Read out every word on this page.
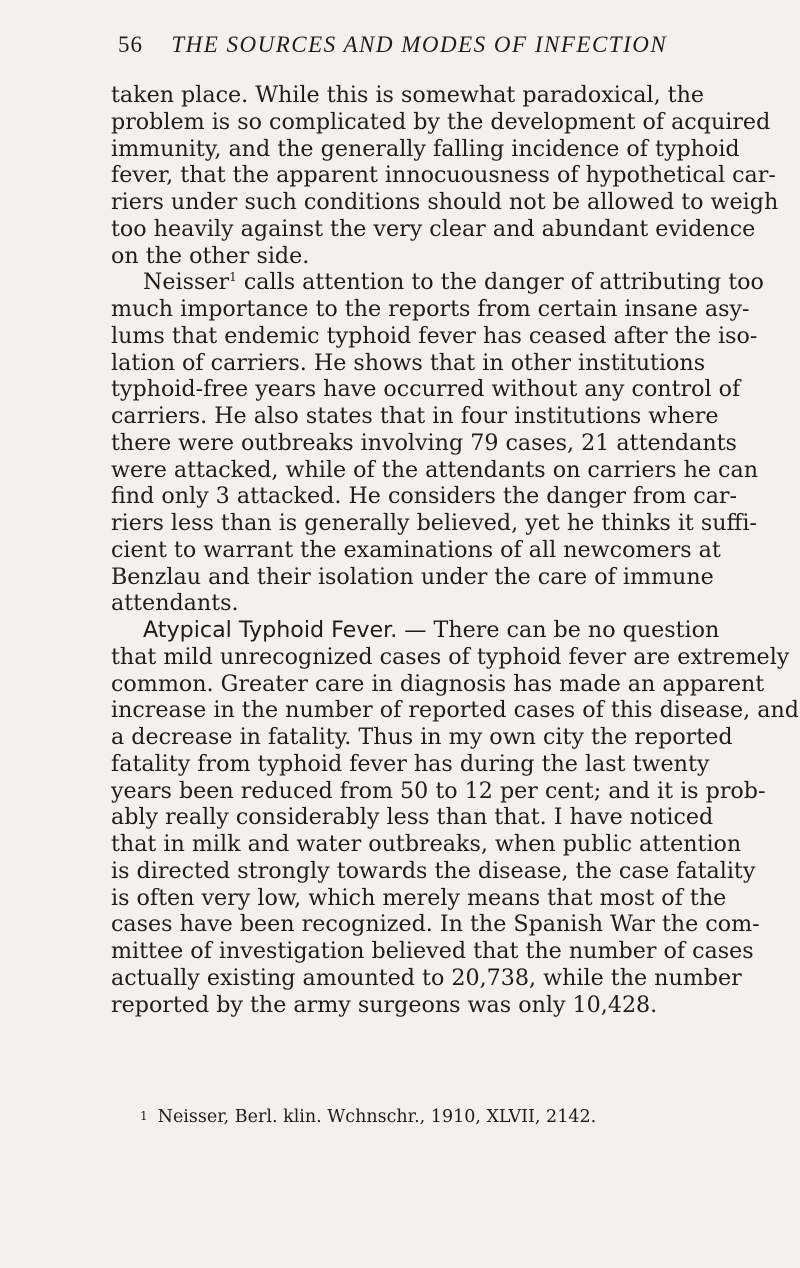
56 THE SOURCES AND MODES OF INFECTION
taken place. While this is somewhat paradoxical, the
problem is so complicated by the development of acquired
immunity, and the generally falling incidence of typhoid
fever, that the apparent innocuousness of hypothetical car-
riers under such conditions should not be allowed to weigh
too heavily against the very clear and abundant evidence
on the other side.
Neisser$^1$ calls attention to the danger of attributing too
much importance to the reports from certain insane asy-
lums that endemic typhoid fever has ceased after the iso-
lation of carriers. He shows that in other institutions
typhoid-free years have occurred without any control of
carriers. He also states that in four institutions where
there were outbreaks involving 79 cases, 21 attendants
were attacked, while of the attendants on carriers he can
find only 3 attacked. He considers the danger from car-
riers less than is generally believed, yet he thinks it suffi-
cient to warrant the examinations of all newcomers at
Benzlau and their isolation under the care of immune
attendants.
Atypical Typhoid Fever. — There can be no question
that mild unrecognized cases of typhoid fever are extremely
common. Greater care in diagnosis has made an apparent
increase in the number of reported cases of this disease, and
a decrease in fatality. Thus in my own city the reported
fatality from typhoid fever has during the last twenty
years been reduced from 50 to 12 per cent; and it is prob-
ably really considerably less than that. I have noticed
that in milk and water outbreaks, when public attention
is directed strongly towards the disease, the case fatality
is often very low, which merely means that most of the
cases have been recognized. In the Spanish War the com-
mittee of investigation believed that the number of cases
actually existing amounted to 20,738, while the number
reported by the army surgeons was only 10,428.
1 Neisser, Berl. klin. Wchnschr., 1910, XLVII, 2142.
